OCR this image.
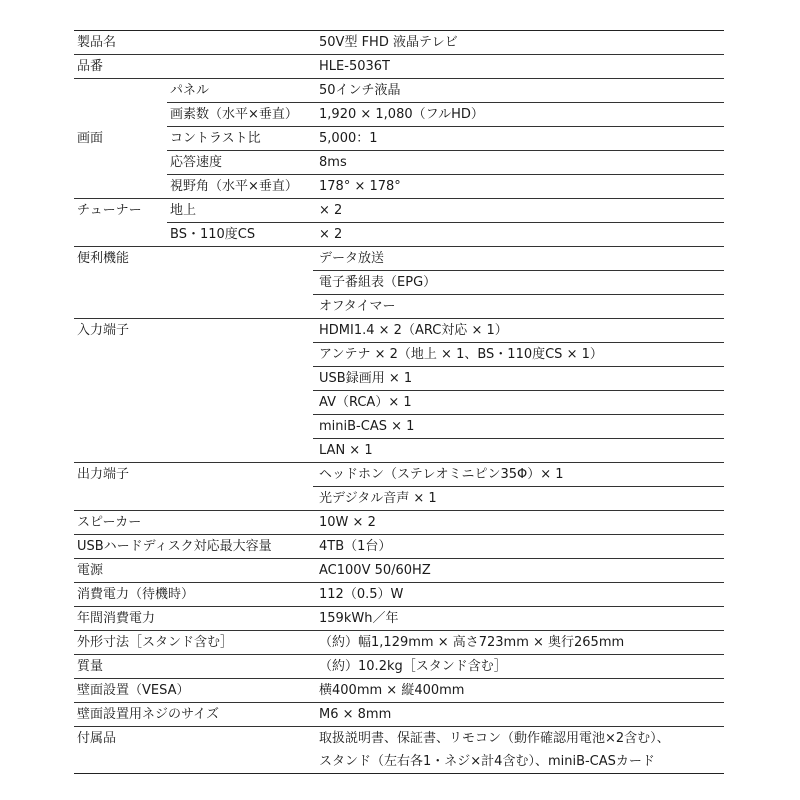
製品名		50V型 FHD 液晶テレビ
品番		HLE-5036T
画面	パネル	50インチ液晶
	画素数（水平×垂直）	1,920 × 1,080（フルHD）
	コントラスト比	5,000：1
	応答速度	8ms
	視野角（水平×垂直）	178° × 178°
チューナー	地上	× 2
	BS・110度CS	× 2
便利機能		データ放送
		電子番組表（EPG）
		オフタイマー
入力端子		HDMI1.4 × 2（ARC対応 × 1）
		アンテナ × 2（地上 × 1、BS・110度CS × 1）
		USB録画用 × 1
		AV（RCA）× 1
		miniB-CAS × 1
		LAN × 1
出力端子		ヘッドホン（ステレオミニピン35Φ）× 1
		光デジタル音声 × 1
スピーカー		10W × 2
USBハードディスク対応最大容量		4TB（1台）
電源		AC100V 50/60HZ
消費電力（待機時）		112（0.5）W
年間消費電力		159kWh／年
外形寸法［スタンド含む］		（約）幅1,129mm × 高さ723mm × 奥行265mm
質量		（約）10.2kg［スタンド含む］
壁面設置（VESA）		横400mm × 縦400mm
壁面設置用ネジのサイズ		M6 × 8mm
付属品		取扱説明書、保証書、リモコン（動作確認用電池×2含む）、
スタンド（左右各1・ネジ×計4含む）、miniB-CASカード
